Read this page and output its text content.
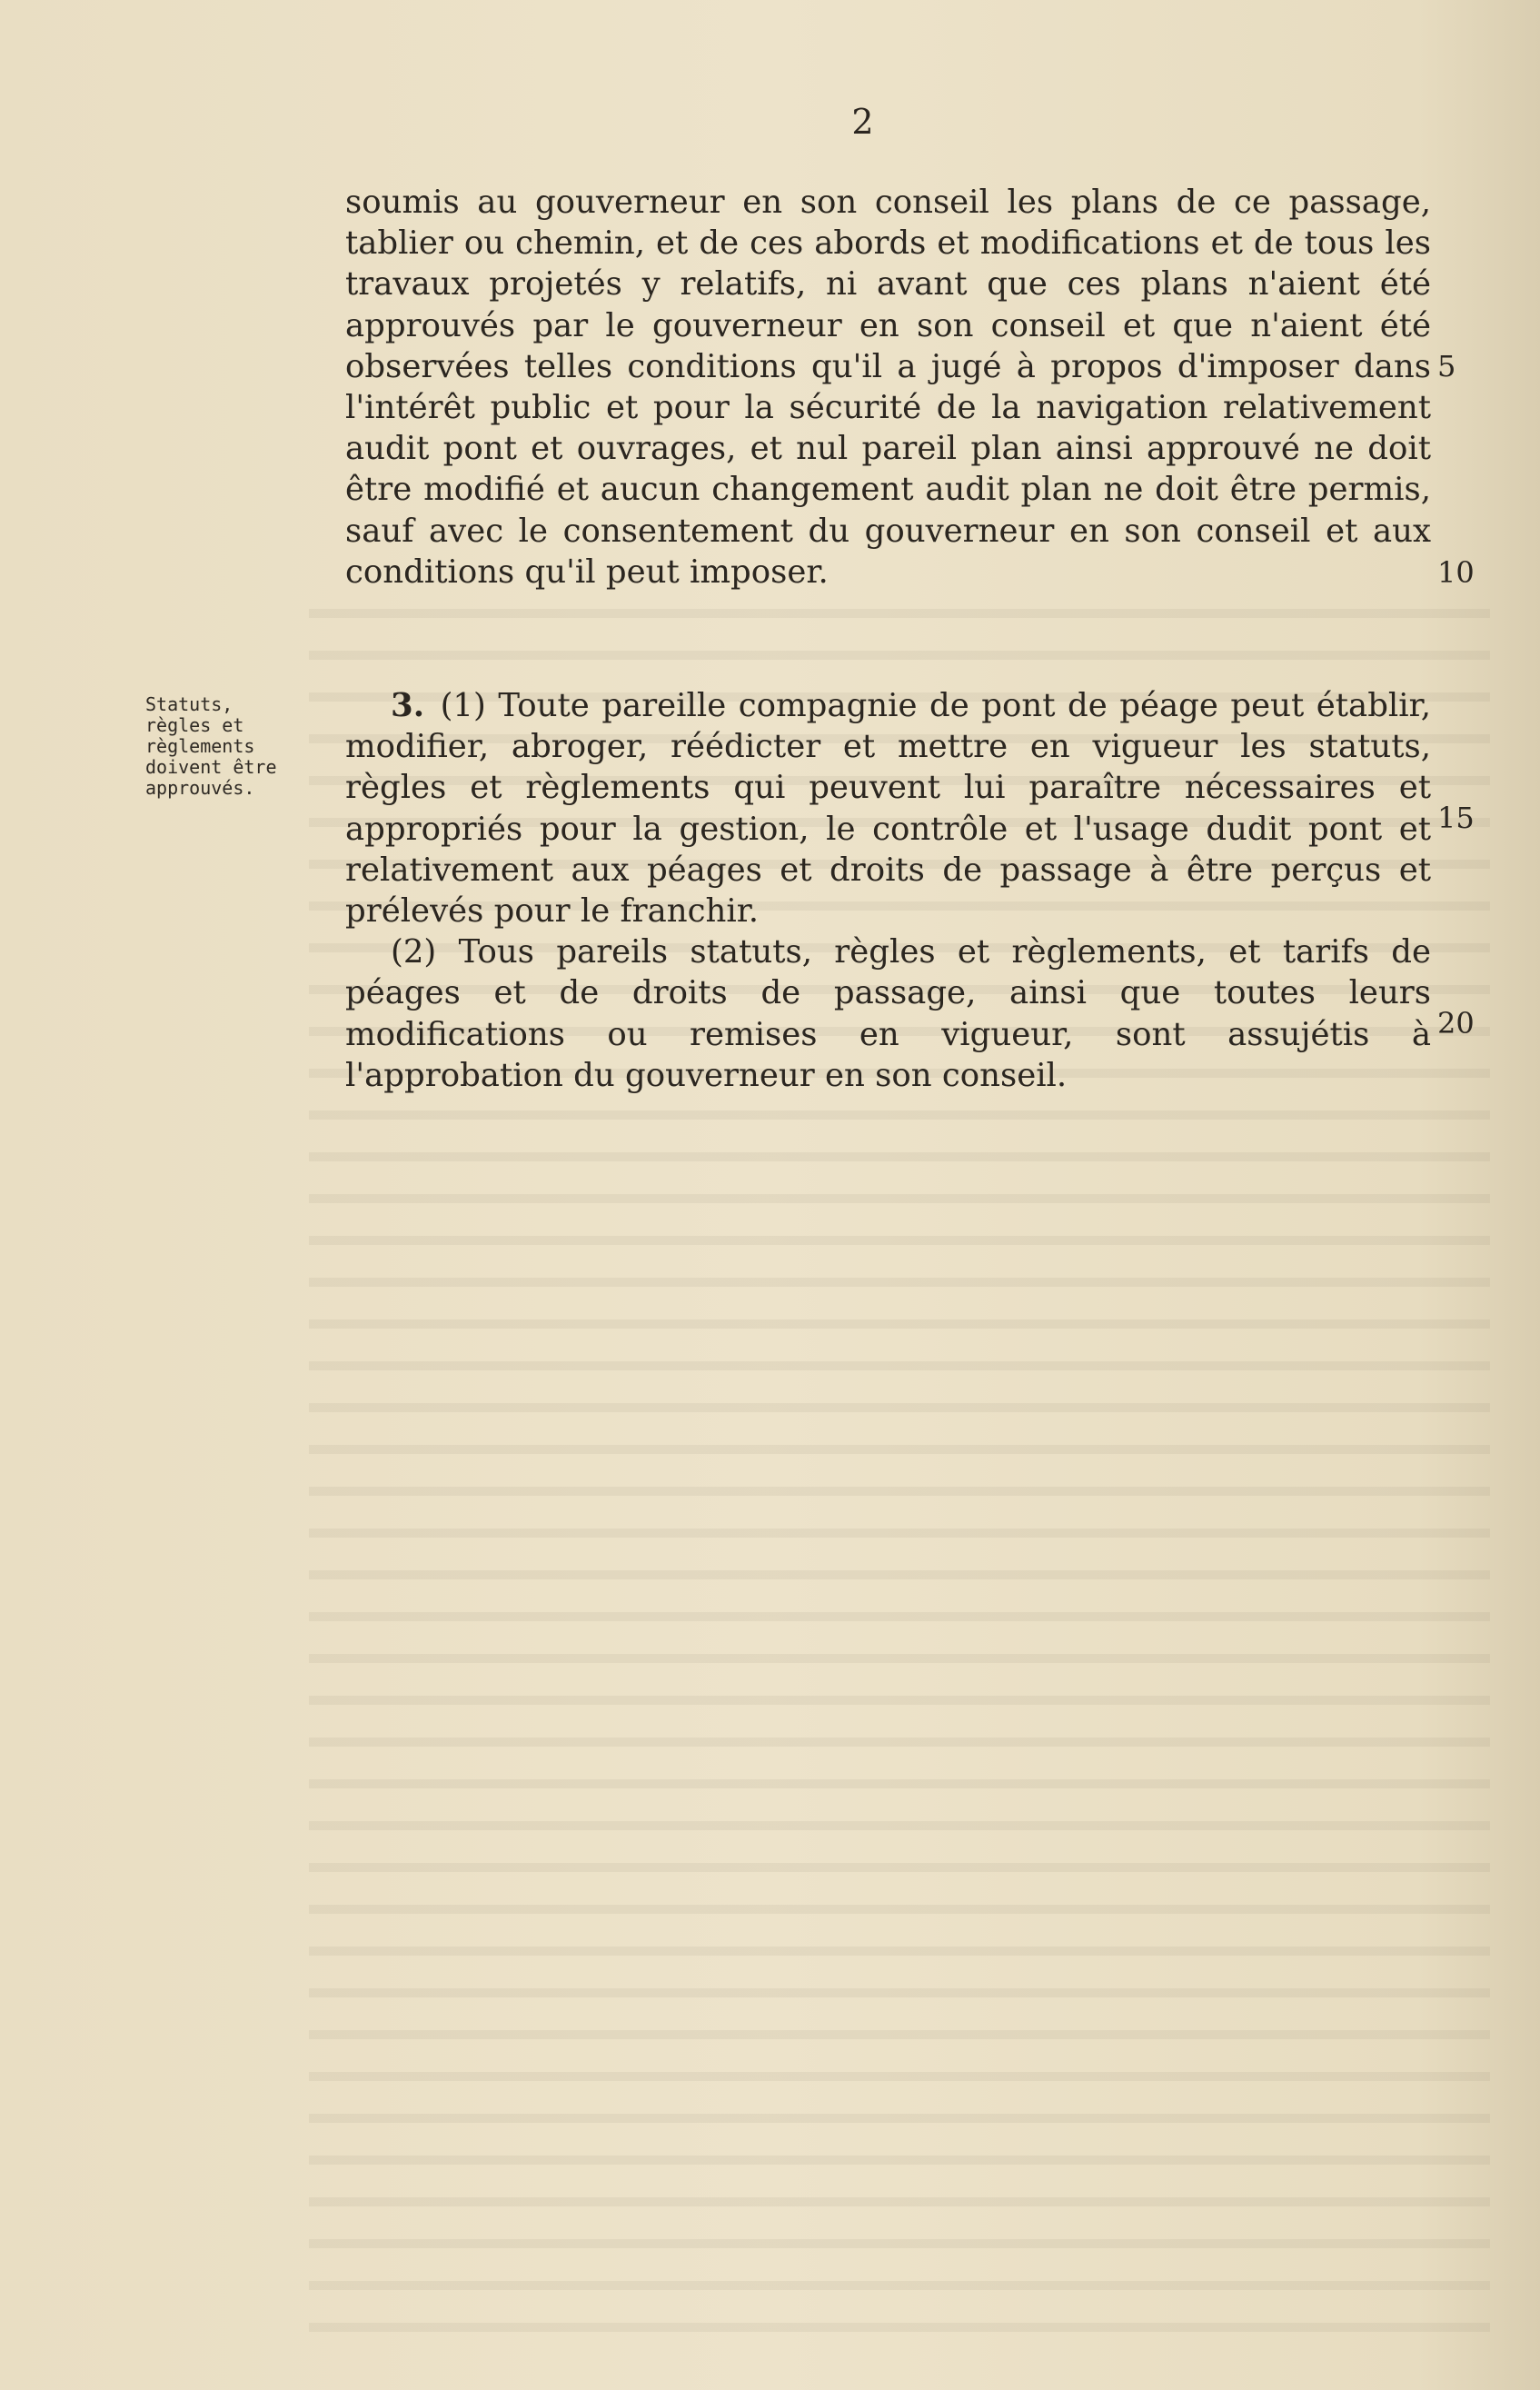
2

soumis au gouverneur en son conseil les plans de ce passage, tablier ou chemin, et de ces abords et modifications et de tous les travaux projetés y relatifs, ni avant que ces plans n'aient été approuvés par le gouverneur en son conseil et que n'aient été observées telles conditions qu'il a jugé à propos d'imposer dans l'intérêt public et pour la sécurité de la navigation relativement audit pont et ouvrages, et nul pareil plan ainsi approuvé ne doit être modifié et aucun changement audit plan ne doit être permis, sauf avec le consentement du gouverneur en son conseil et aux conditions qu'il peut imposer.

Statuts,
règles et
règlements
doivent être
approuvés.

3. (1) Toute pareille compagnie de pont de péage peut établir, modifier, abroger, réédicter et mettre en vigueur les statuts, règles et règlements qui peuvent lui paraître nécessaires et appropriés pour la gestion, le contrôle et l'usage dudit pont et relativement aux péages et droits de passage à être perçus et prélevés pour le franchir.

(2) Tous pareils statuts, règles et règlements, et tarifs de péages et de droits de passage, ainsi que toutes leurs modifications ou remises en vigueur, sont assujétis à l'approbation du gouverneur en son conseil.

5
10
15
20
